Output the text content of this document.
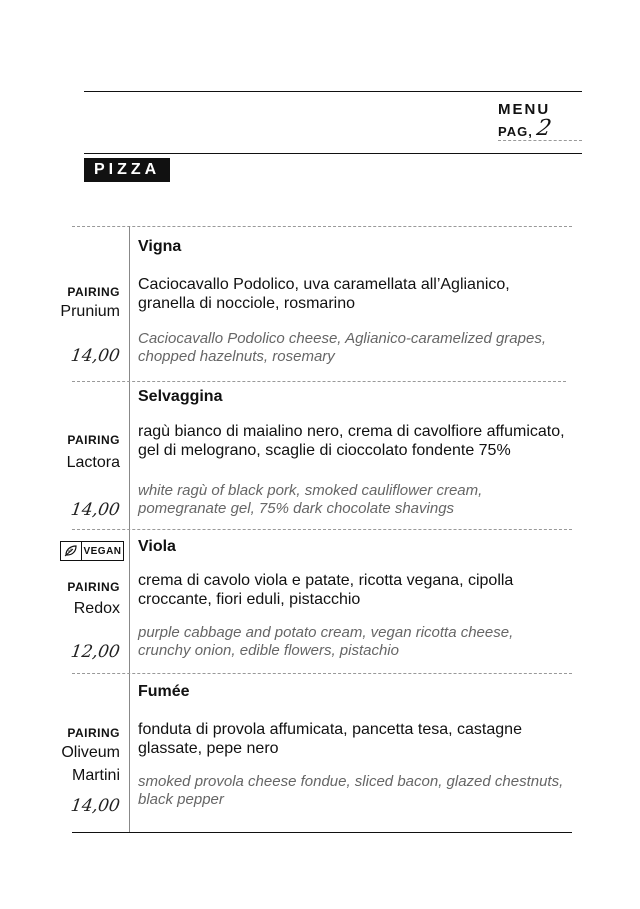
MENU
PAG, 2
PIZZA
Vigna
PAIRING
Prunium
Caciocavallo Podolico, uva caramellata all’Aglianico, granella di nocciole, rosmarino
Caciocavallo Podolico cheese, Aglianico-caramelized grapes, chopped hazelnuts, rosemary
14,00
Selvaggina
PAIRING
Lactora
ragù bianco di maialino nero, crema di cavolfiore affumicato, gel di melograno, scaglie di cioccolato fondente 75%
white ragù of black pork, smoked cauliflower cream, pomegranate gel, 75% dark chocolate shavings
14,00
VEGAN Viola
PAIRING
Redox
crema di cavolo viola e patate, ricotta vegana, cipolla croccante, fiori eduli, pistacchio
purple cabbage and potato cream, vegan ricotta cheese, crunchy onion, edible flowers, pistachio
12,00
Fumée
PAIRING
Oliveum
Martini
fonduta di provola affumicata, pancetta tesa, castagne glassate, pepe nero
smoked provola cheese fondue, sliced bacon, glazed chestnuts, black pepper
14,00
